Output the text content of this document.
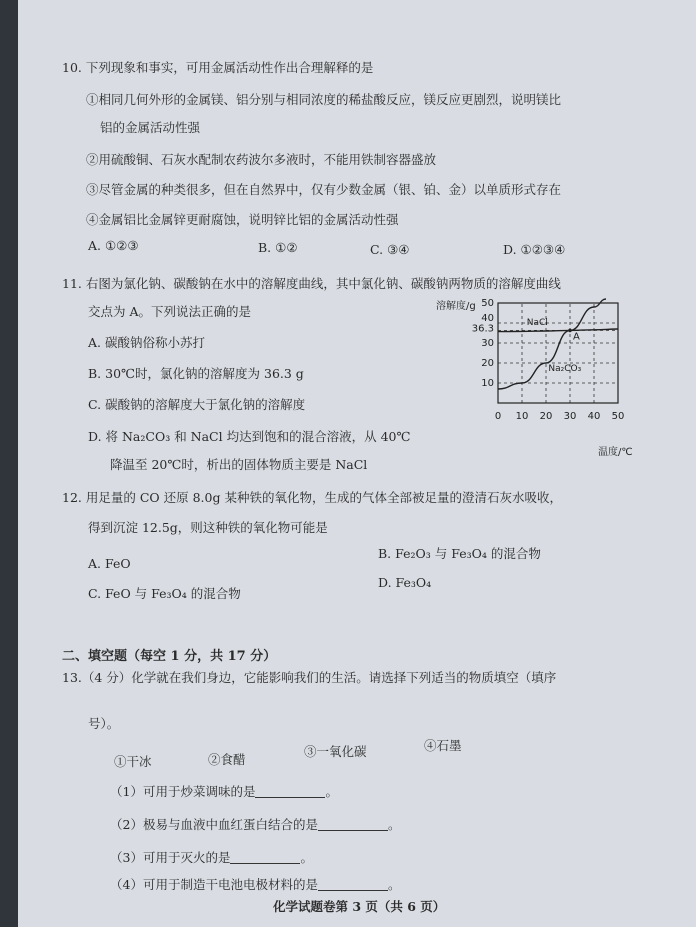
10. 下列现象和事实，可用金属活动性作出合理解释的是
①相同几何外形的金属镁、铝分别与相同浓度的稀盐酸反应，镁反应更剧烈，说明镁比
铝的金属活动性强
②用硫酸铜、石灰水配制农药波尔多液时，不能用铁制容器盛放
③尽管金属的种类很多，但在自然界中，仅有少数金属（银、铂、金）以单质形式存在
④金属铝比金属锌更耐腐蚀，说明锌比铝的金属活动性强
A. ①②③	B. ①②	C. ③④	D. ①②③④
11. 右图为氯化钠、碳酸钠在水中的溶解度曲线，其中氯化钠、碳酸钠两物质的溶解度曲线
交点为 A。下列说法正确的是
A. 碳酸钠俗称小苏打
B. 30℃时，氯化钠的溶解度为 36.3 g
C. 碳酸钠的溶解度大于氯化钠的溶解度
D. 将 Na₂CO₃ 和 NaCl 均达到饱和的混合溶液，从 40℃
降温至 20℃时，析出的固体物质主要是 NaCl
溶解度/g
0 10 20 30 40 50
10
20
30
36.3
40
50
NaCl
Na₂CO₃
A
温度/℃
12. 用足量的 CO 还原 8.0g 某种铁的氧化物，生成的气体全部被足量的澄清石灰水吸收，
得到沉淀 12.5g，则这种铁的氧化物可能是
A. FeO
B. Fe₂O₃ 与 Fe₃O₄ 的混合物
C. FeO 与 Fe₃O₄ 的混合物
D. Fe₃O₄
二、填空题（每空 1 分，共 17 分）
13.（4 分）化学就在我们身边，它能影响我们的生活。请选择下列适当的物质填空（填序
号）。
①干冰	②食醋
③一氧化碳	④石墨
（1）可用于炒菜调味的是	。
（2）极易与血液中血红蛋白结合的是	。
（3）可用于灭火的是	。
（4）可用于制造干电池电极材料的是	。
化学试题卷第 3 页（共 6 页）
